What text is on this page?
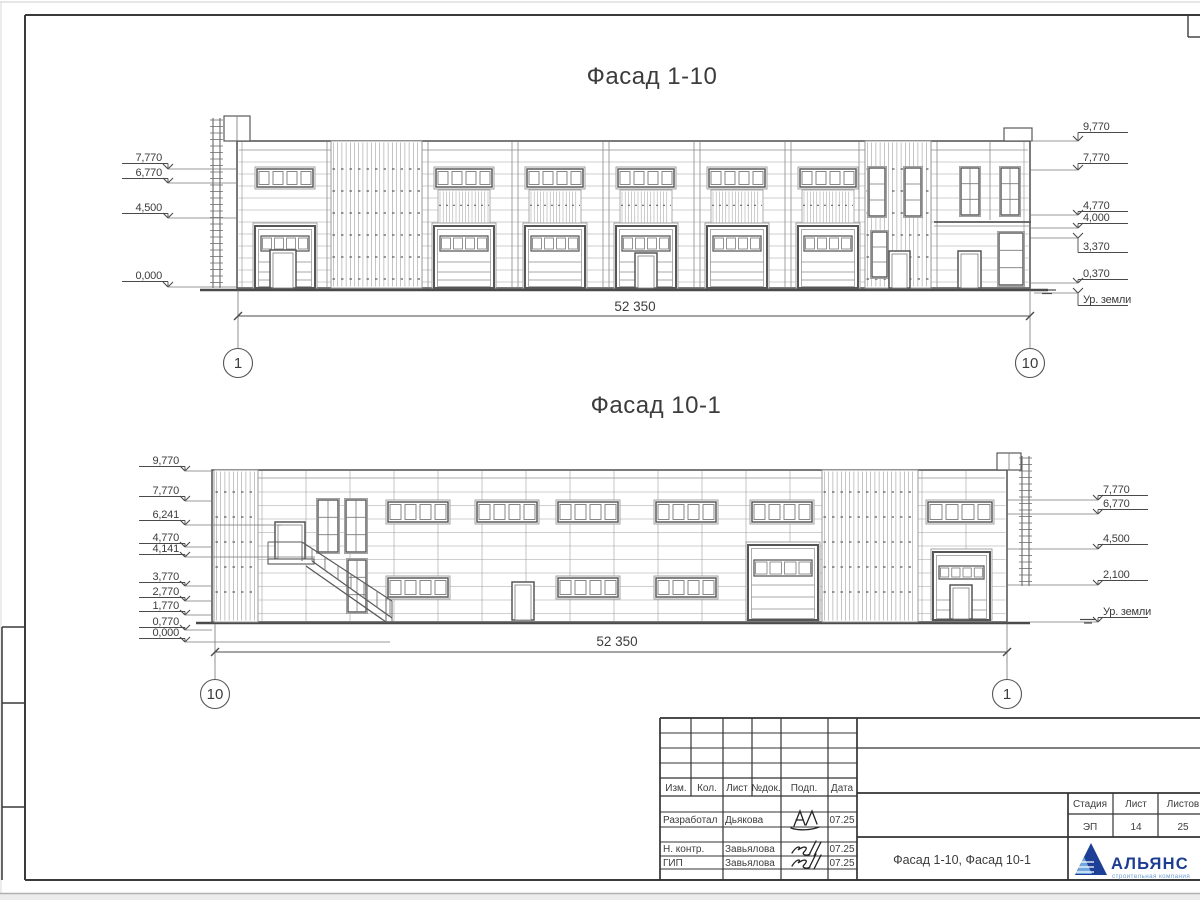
7,770
6,770
4,500
0,000
9,770
7,770
4,770
4,000
3,370
0,370
Ур. земли
9,770
7,770
6,241
4,770
4,141
3,770
2,770
1,770
0,770
0,000
7,770
6,770
4,500
2,100
Ур. земли
Фасад 1-10
52 350
1	10
Фасад 10-1
52 350
10	1
Изм. Кол. Лист №док. Подп. Дата
Разработал Дьякова	07.25
Н. контр. Завьялова	07.25
ГИП	Завьялова	07.25	Фасад 1-10, Фасад 10-1
Стадия Лист Листов
ЭП	14	25
АЛЬЯНС
строительная компания
